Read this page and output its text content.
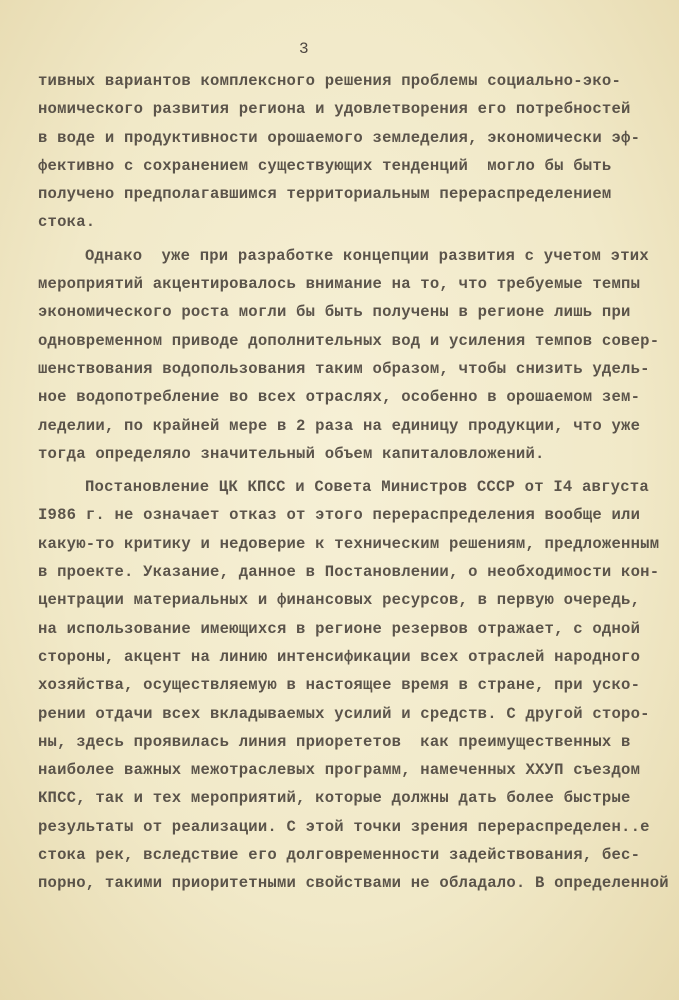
3
тивных вариантов комплексного решения проблемы социально-эко-
номического развития региона и удовлетворения его потребностей
в воде и продуктивности орошаемого земледелия, экономически эф-
фективно с сохранением существующих тенденций  могло бы быть
получено предполагавшимся территориальным перераспределением
стока.
Однако  уже при разработке концепции развития с учетом этих
мероприятий акцентировалось внимание на то, что требуемые темпы
экономического роста могли бы быть получены в регионе лишь при
одновременном приводе дополнительных вод и усиления темпов совер-
шенствования водопользования таким образом, чтобы снизить удель-
ное водопотребление во всех отраслях, особенно в орошаемом зем-
леделии, по крайней мере в 2 раза на единицу продукции, что уже
тогда определяло значительный объем капиталовложений.
Постановление ЦК КПСС и Совета Министров СССР от I4 августа
I986 г. не означает отказ от этого перераспределения вообще или
какую-то критику и недоверие к техническим решениям, предложенным
в проекте. Указание, данное в Постановлении, о необходимости кон-
центрации материальных и финансовых ресурсов, в первую очередь,
на использование имеющихся в регионе резервов отражает, с одной
стороны, акцент на линию интенсификации всех отраслей народного
хозяйства, осуществляемую в настоящее время в стране, при уско-
рении отдачи всех вкладываемых усилий и средств. С другой сторо-
ны, здесь проявилась линия приорететов  как преимущественных в
наиболее важных межотраслевых программ, намеченных ХХУП съездом
КПСС, так и тех мероприятий, которые должны дать более быстрые
результаты от реализации. С этой точки зрения перераспределен..е
стока рек, вследствие его долговременности задействования, бес-
порно, такими приоритетными свойствами не обладало. В определенной
